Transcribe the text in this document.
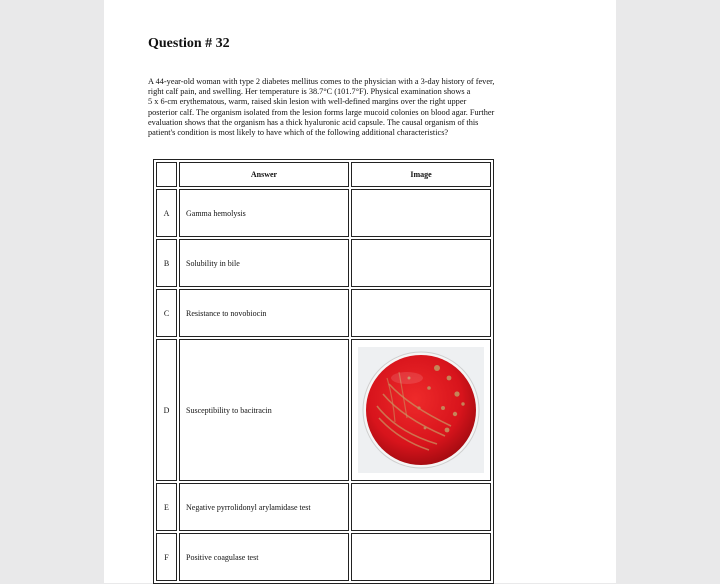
Question # 32

A 44-year-old woman with type 2 diabetes mellitus comes to the physician with a 3-day history of fever,
right calf pain, and swelling. Her temperature is 38.7°C (101.7°F). Physical examination shows a
5 x 6-cm erythematous, warm, raised skin lesion with well-defined margins over the right upper
posterior calf. The organism isolated from the lesion forms large mucoid colonies on blood agar. Further
evaluation shows that the organism has a thick hyaluronic acid capsule. The causal organism of this
patient's condition is most likely to have which of the following additional characteristics?

	Answer	Image
A	Gamma hemolysis	
B	Solubility in bile	
C	Resistance to novobiocin	
D	Susceptibility to bacitracin	

E	Negative pyrrolidonyl arylamidase test	
F	Positive coagulase test	
